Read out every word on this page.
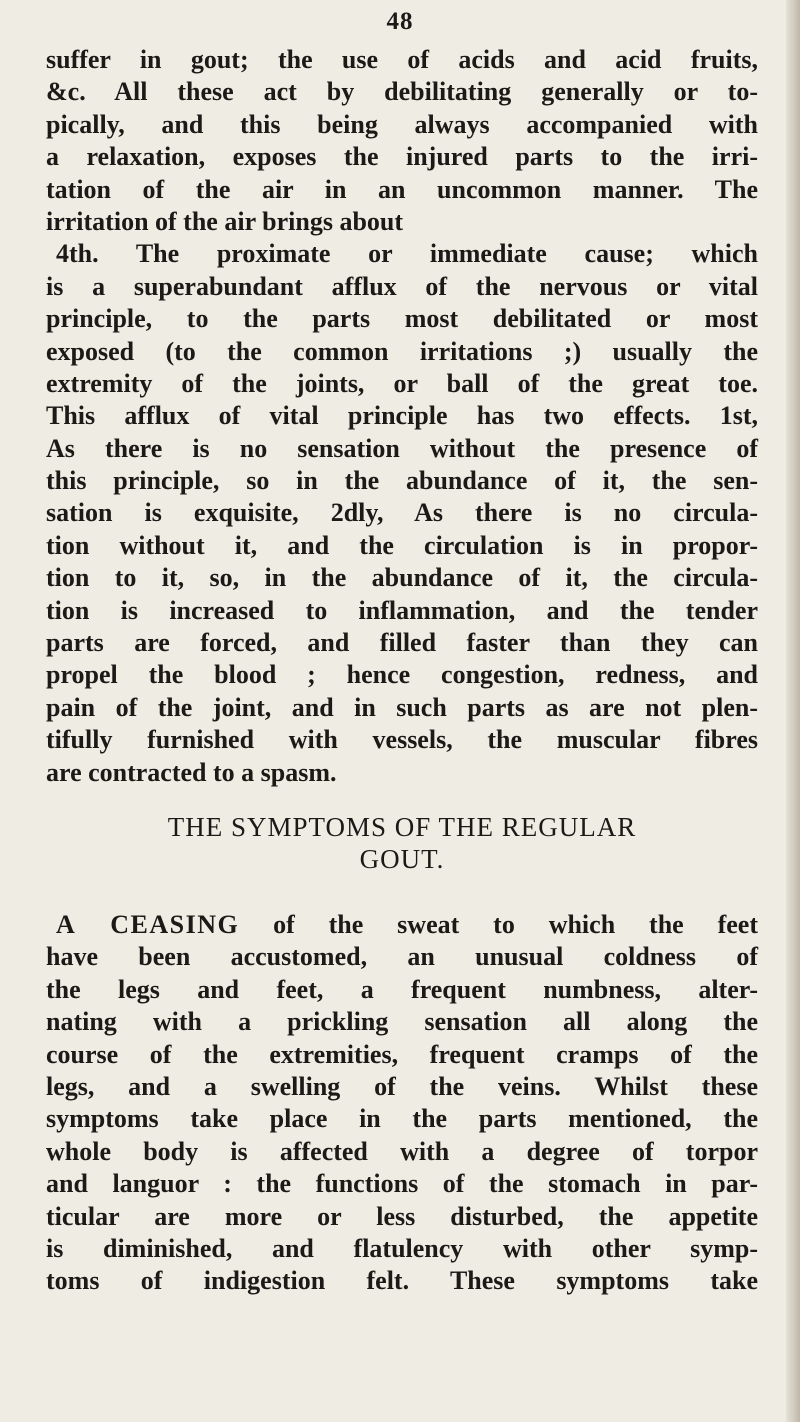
48
suffer in gout; the use of acids and acid fruits,
&c. All these act by debilitating generally or to-
pically, and this being always accompanied with
a relaxation, exposes the injured parts to the irri-
tation of the air in an uncommon manner. The
irritation of the air brings about
4th. The proximate or immediate cause; which
is a superabundant afflux of the nervous or vital
principle, to the parts most debilitated or most
exposed (to the common irritations ;) usually the
extremity of the joints, or ball of the great toe.
This afflux of vital principle has two effects. 1st,
As there is no sensation without the presence of
this principle, so in the abundance of it, the sen-
sation is exquisite, 2dly, As there is no circula-
tion without it, and the circulation is in propor-
tion to it, so, in the abundance of it, the circula-
tion is increased to inflammation, and the tender
parts are forced, and filled faster than they can
propel the blood ; hence congestion, redness, and
pain of the joint, and in such parts as are not plen-
tifully furnished with vessels, the muscular fibres
are contracted to a spasm.
THE SYMPTOMS OF THE REGULAR
GOUT.
A CEASING of the sweat to which the feet
have been accustomed, an unusual coldness of
the legs and feet, a frequent numbness, alter-
nating with a prickling sensation all along the
course of the extremities, frequent cramps of the
legs, and a swelling of the veins. Whilst these
symptoms take place in the parts mentioned, the
whole body is affected with a degree of torpor
and languor : the functions of the stomach in par-
ticular are more or less disturbed, the appetite
is diminished, and flatulency with other symp-
toms of indigestion felt. These symptoms take
